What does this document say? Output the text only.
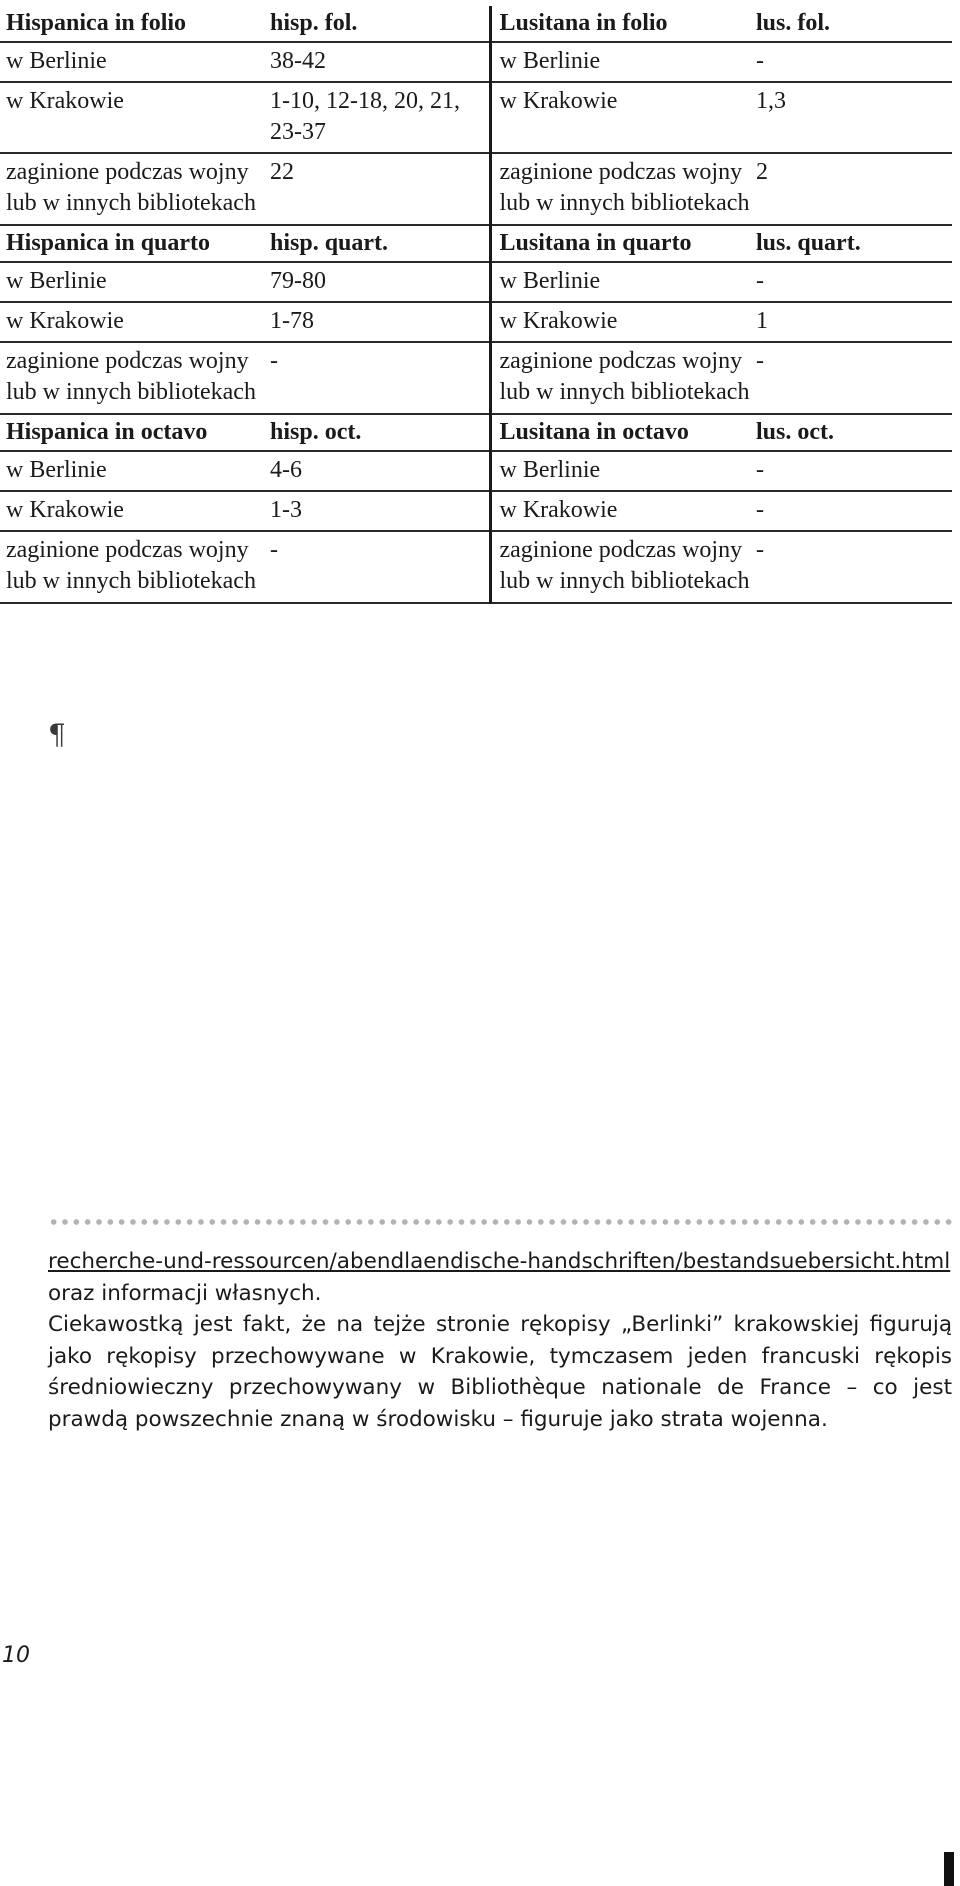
Hispanica in folio	hisp. fol.	Lusitana in folio	lus. fol.
w Berlinie	38-42	w Berlinie	-
w Krakowie	1-10, 12-18, 20, 21, 23-37	w Krakowie	1,3
zaginione podczas wojny lub w innych bibliotekach	22	zaginione podczas wojny lub w innych bibliotekach	2
Hispanica in quarto	hisp. quart.	Lusitana in quarto	lus. quart.
w Berlinie	79-80	w Berlinie	-
w Krakowie	1-78	w Krakowie	1
zaginione podczas wojny lub w innych bibliotekach	-	zaginione podczas wojny lub w innych bibliotekach	-
Hispanica in octavo	hisp. oct.	Lusitana in octavo	lus. oct.
w Berlinie	4-6	w Berlinie	-
w Krakowie	1-3	w Krakowie	-
zaginione podczas wojny lub w innych bibliotekach	-	zaginione podczas wojny lub w innych bibliotekach	-
¶

recherche-und-ressourcen/abendlaendische-handschriften/bestandsuebersicht.html oraz informacji własnych.

Ciekawostką jest fakt, że na tejże stronie rękopisy „Berlinki” krakowskiej figurują jako rękopisy przechowywane w Krakowie, tymczasem jeden francuski rękopis średniowieczny przechowywany w Bibliothèque nationale de France – co jest prawdą powszechnie znaną w środowisku – figuruje jako strata wojenna.

10
